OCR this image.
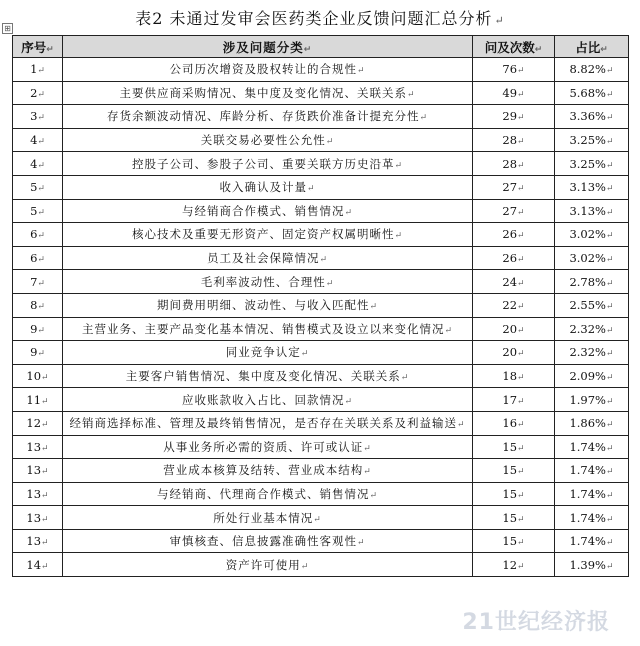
表2 未通过发审会医药类企业反馈问题汇总分析 ↵
⊞
序号↵	涉及问题分类↵	问及次数↵	占比↵
1↵	公司历次增资及股权转让的合规性↵	76↵	8.82%↵
2↵	主要供应商采购情况、集中度及变化情况、关联关系↵	49↵	5.68%↵
3↵	存货余额波动情况、库龄分析、存货跌价准备计提充分性↵	29↵	3.36%↵
4↵	关联交易必要性公允性↵	28↵	3.25%↵
4↵	控股子公司、参股子公司、重要关联方历史沿革↵	28↵	3.25%↵
5↵	收入确认及计量↵	27↵	3.13%↵
5↵	与经销商合作模式、销售情况↵	27↵	3.13%↵
6↵	核心技术及重要无形资产、固定资产权属明晰性↵	26↵	3.02%↵
6↵	员工及社会保障情况↵	26↵	3.02%↵
7↵	毛利率波动性、合理性↵	24↵	2.78%↵
8↵	期间费用明细、波动性、与收入匹配性↵	22↵	2.55%↵
9↵	主营业务、主要产品变化基本情况、销售模式及设立以来变化情况↵	20↵	2.32%↵
9↵	同业竞争认定↵	20↵	2.32%↵
10↵	主要客户销售情况、集中度及变化情况、关联关系↵	18↵	2.09%↵
11↵	应收账款收入占比、回款情况↵	17↵	1.97%↵
12↵	经销商选择标准、管理及最终销售情况，是否存在关联关系及利益输送↵	16↵	1.86%↵
13↵	从事业务所必需的资质、许可或认证↵	15↵	1.74%↵
13↵	营业成本核算及结转、营业成本结构↵	15↵	1.74%↵
13↵	与经销商、代理商合作模式、销售情况↵	15↵	1.74%↵
13↵	所处行业基本情况↵	15↵	1.74%↵
13↵	审慎核查、信息披露准确性客观性↵	15↵	1.74%↵
14↵	资产许可使用↵	12↵	1.39%↵
21世纪经济报
